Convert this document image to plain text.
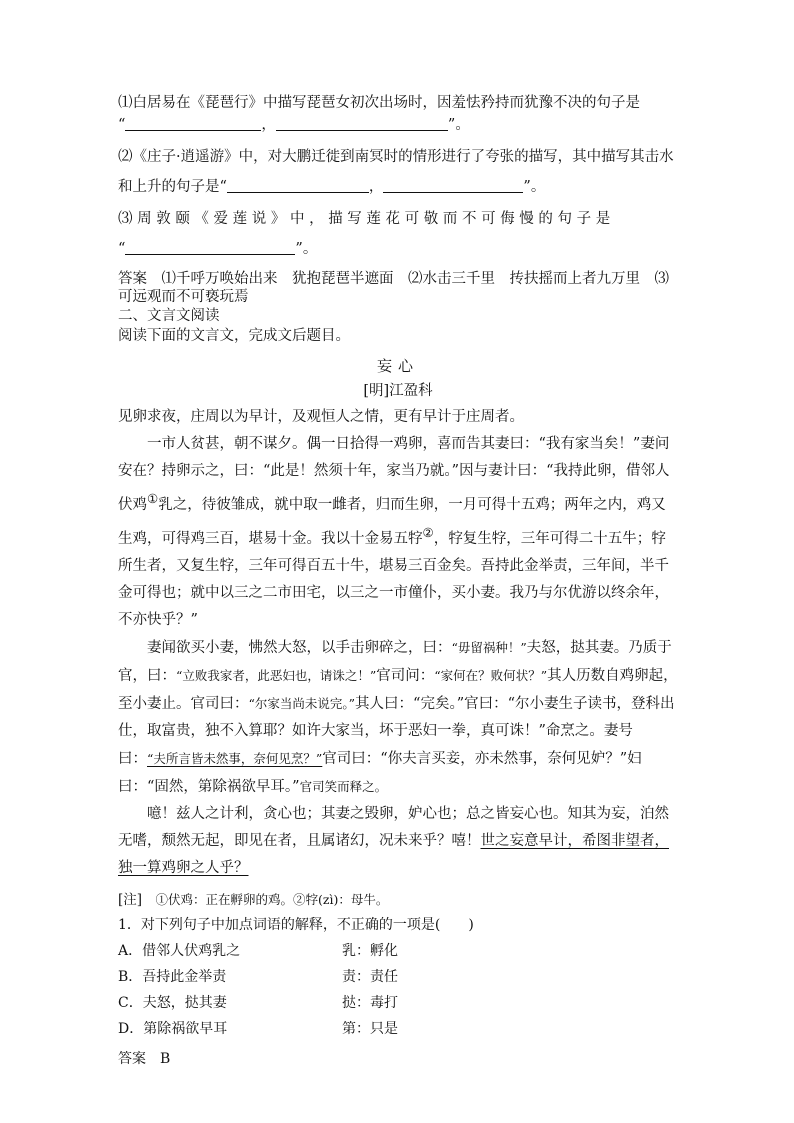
⑴白居易在《琵琶行》中描写琵琶女初次出场时，因羞怯矜持而犹豫不决的句子是
“	，	”。
⑵《庄子·逍遥游》中，对大鹏迁徙到南冥时的情形进行了夸张的描写，其中描写其击水
和上升的句子是“	，	”。
⑶ 周 敦 颐 《 爱 莲 说 》 中 ， 描 写 莲 花 可 敬 而 不 可 侮 慢 的 句 子 是
“	”。
答案　⑴千呼万唤始出来　犹抱琵琶半遮面　⑵水击三千里　抟扶摇而上者九万里　⑶
可远观而不可亵玩焉
二、文言文阅读
阅读下面的文言文，完成文后题目。
妄心
[明]江盈科
见卵求夜，庄周以为早计，及观恒人之情，更有早计于庄周者。
一市人贫甚，朝不谋夕。偶一日拾得一鸡卵，喜而告其妻曰：“我有家当矣！”妻问安在？持卵示之，曰：“此是！然须十年，家当乃就。”因与妻计曰：“我持此卵，借邻人伏鸡①乳之，待彼雏成，就中取一雌者，归而生卵，一月可得十五鸡；两年之内，鸡又生鸡，可得鸡三百，堪易十金。我以十金易五牸②，牸复生牸，三年可得二十五牛；牸所生者，又复生牸，三年可得百五十牛，堪易三百金矣。吾持此金举责，三年间，半千金可得也；就中以三之二市田宅，以三之一市僮仆，买小妻。我乃与尔优游以终余年，不亦快乎？”
妻闻欲买小妻，怫然大怒，以手击卵碎之，曰：“毋留祸种！”夫怒，挞其妻。乃质于官，曰：“立败我家者，此恶妇也，请诛之！”官司问：“家何在？败何状？”其人历数自鸡卵起，至小妻止。官司曰：“尔家当尚未说完。”其人曰：“完矣。”官曰：“尔小妻生子读书，登科出仕，取富贵，独不入算耶？如许大家当，坏于恶妇一拳，真可诛！”命烹之。妻号曰：“夫所言皆未然事，奈何见烹？”官司曰：“你夫言买妾，亦未然事，奈何见妒？”妇曰：“固然，第除祸欲早耳。”官司笑而释之。
噫！兹人之计利，贪心也；其妻之毁卵，妒心也；总之皆妄心也。知其为妄，泊然无嗜，颓然无起，即见在者，且属诸幻，况未来乎？嘻！世之妄意早计，希图非望者，独一算鸡卵之人乎？
[注]　 ①伏鸡：正在孵卵的鸡。②牸(zì)：母牛。
1．对下列句子中加点词语的解释，不正确的一项是(　　)
A．借邻人伏鸡乳之	乳：孵化
B．吾持此金举责	责：责任
C．夫怒，挞其妻	挞：毒打
D．第除祸欲早耳	第：只是
答案　B
